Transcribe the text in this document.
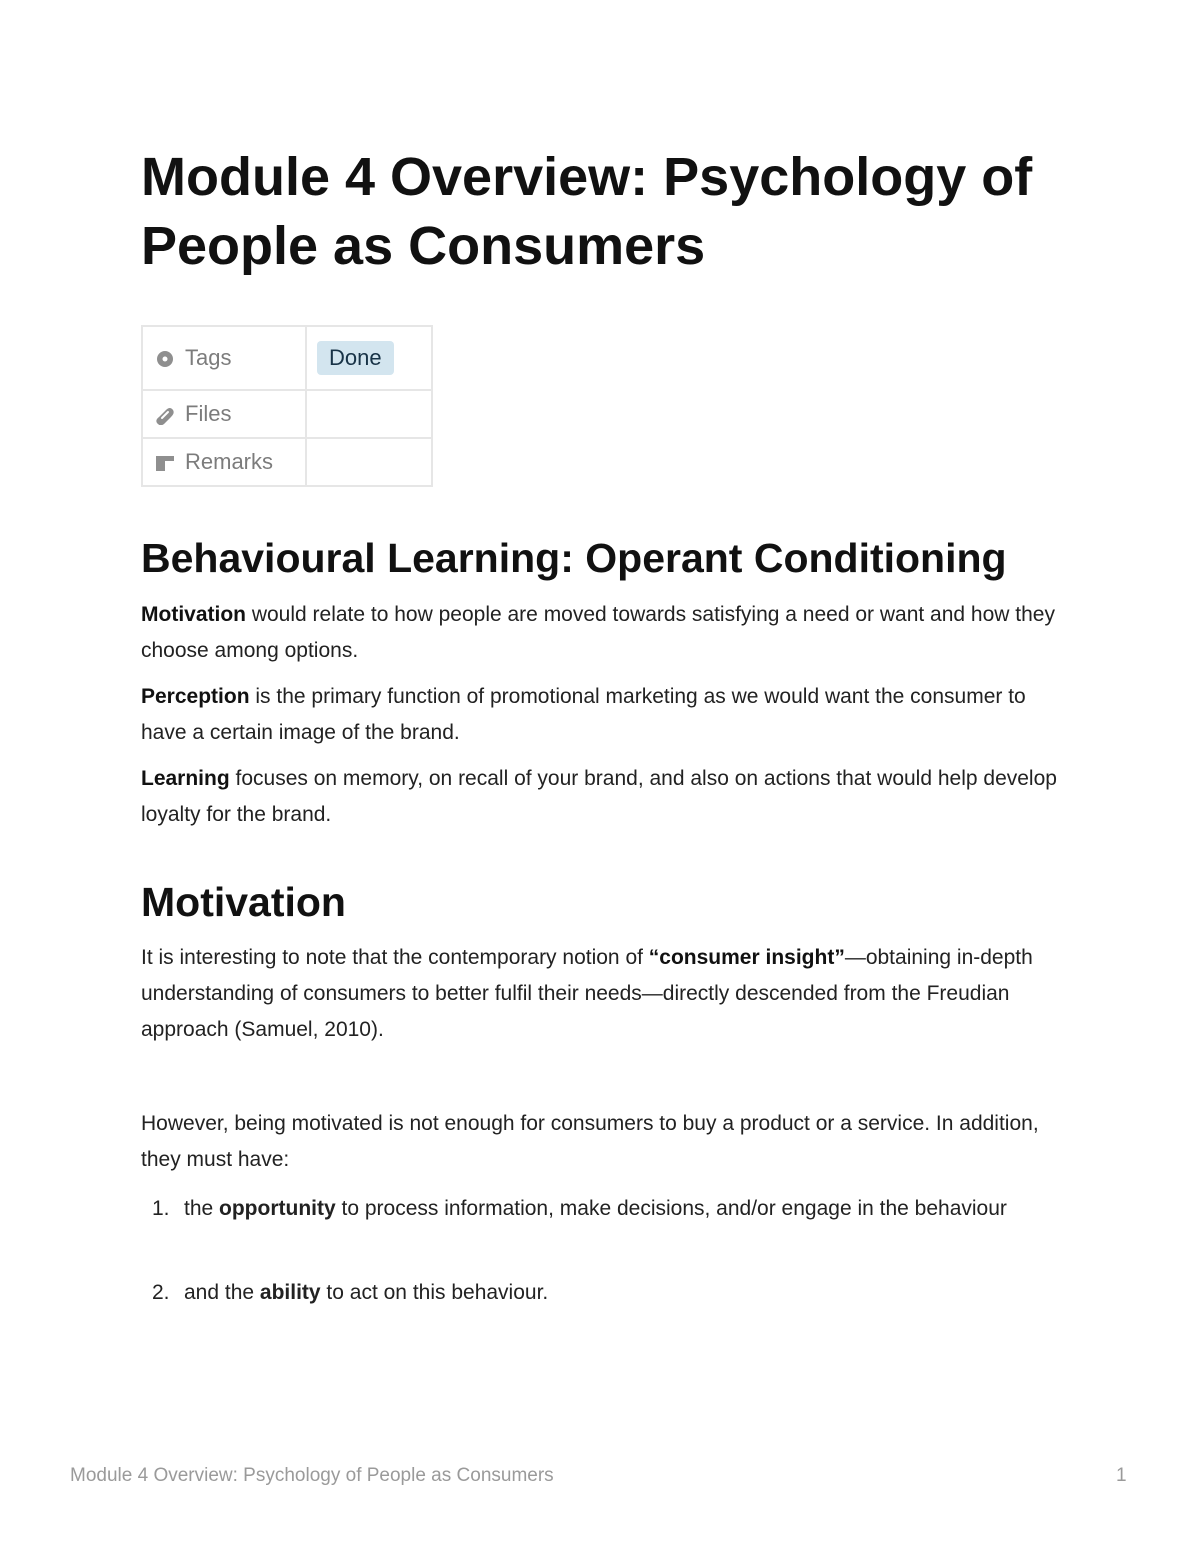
Module 4 Overview: Psychology of People as Consumers
Tags	Done
Files	
Remarks	
Behavioural Learning: Operant Conditioning

Motivation would relate to how people are moved towards satisfying a need or want and how they choose among options.

Perception is the primary function of promotional marketing as we would want the consumer to have a certain image of the brand.

Learning focuses on memory, on recall of your brand, and also on actions that would help develop loyalty for the brand.

Motivation

It is interesting to note that the contemporary notion of “consumer insight”—obtaining in-depth understanding of consumers to better fulfil their needs—directly descended from the Freudian approach (Samuel, 2010).

However, being motivated is not enough for consumers to buy a product or a service. In addition, they must have:

1. the opportunity to process information, make decisions, and/or engage in the behaviour
2. and the ability to act on this behaviour.
Module 4 Overview: Psychology of People as Consumers	1
